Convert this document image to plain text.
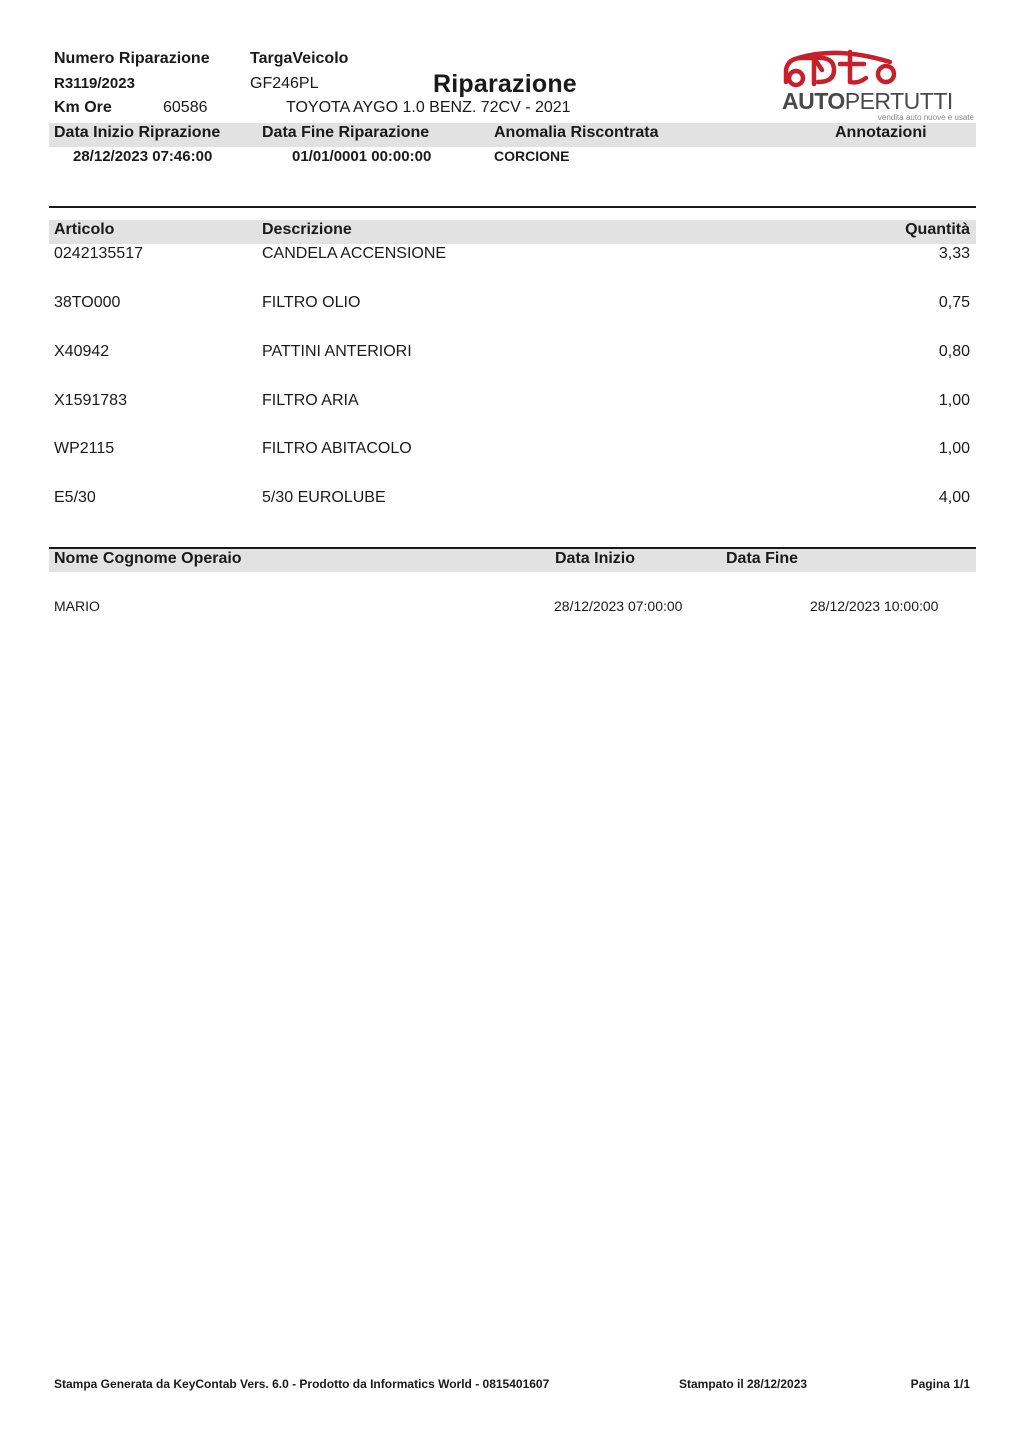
Numero Riparazione
R3119/2023
Km Ore	60586
TargaVeicolo
GF246PL	Riparazione
TOYOTA AYGO 1.0 BENZ. 72CV - 2021	AUTOPERTUTTI
vendita auto nuove e usate
Data Inizio Riprazione	Data Fine Riparazione	Anomalia Riscontrata	Annotazioni
28/12/2023 07:46:00	01/01/0001 00:00:00	CORCIONE
Articolo	Descrizione	Quantità
0242135517	CANDELA ACCENSIONE	3,33
38TO000	FILTRO OLIO	0,75
X40942	PATTINI ANTERIORI	0,80
X1591783	FILTRO ARIA	1,00
WP2115	FILTRO ABITACOLO	1,00
E5/30	5/30 EUROLUBE	4,00
Nome Cognome Operaio	Data Inizio	Data Fine
MARIO	28/12/2023 07:00:00	28/12/2023 10:00:00
Stampa Generata da KeyContab Vers. 6.0 - Prodotto da Informatics World - 0815401607	Stampato il 28/12/2023	Pagina 1/1
